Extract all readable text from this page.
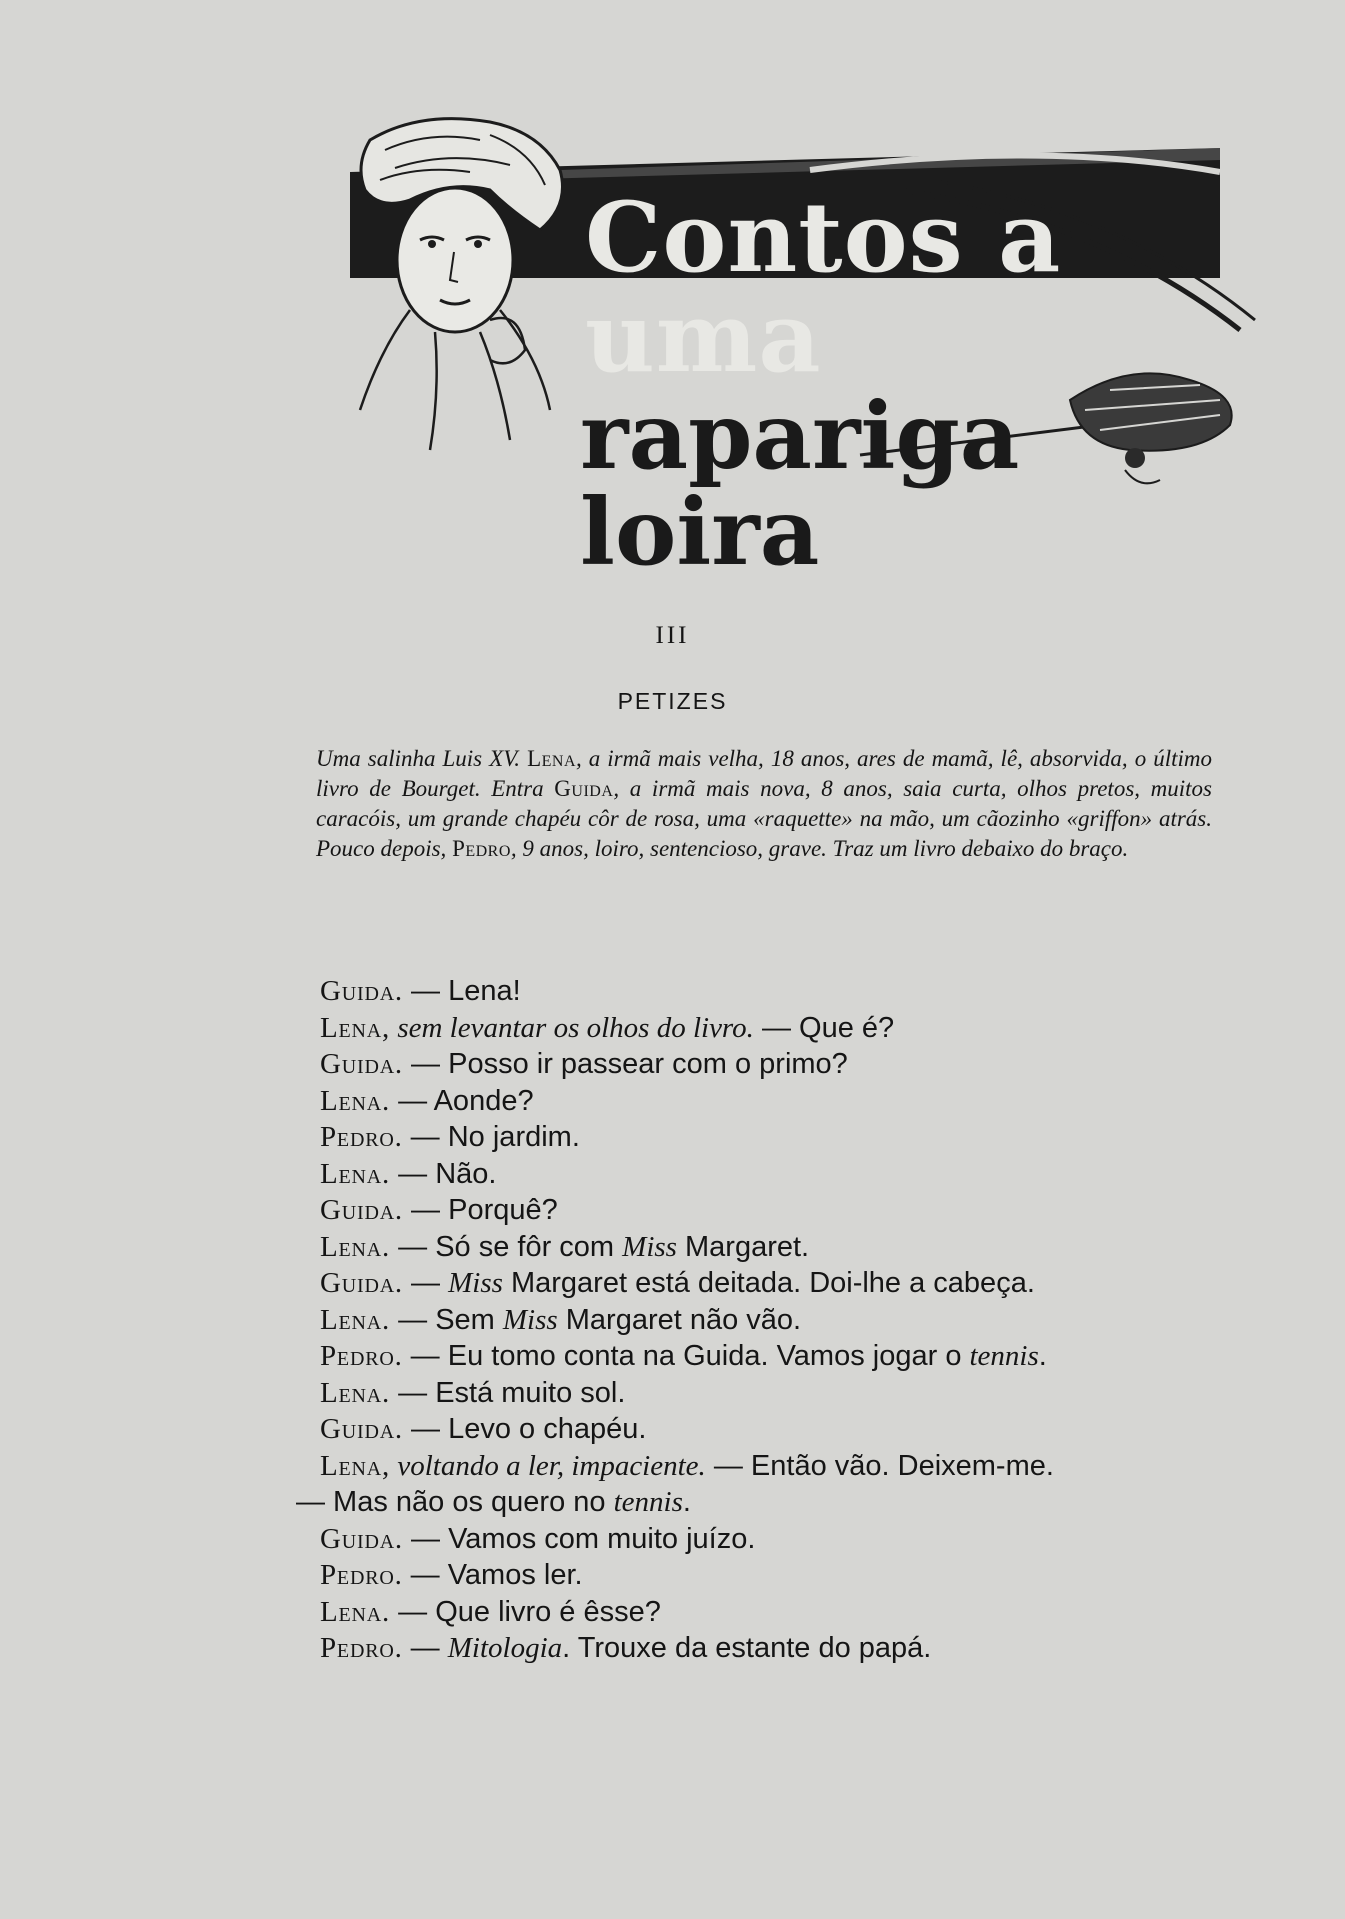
Contos a uma
rapariga loira
III
PETIZES
Uma salinha Luis XV. Lena, a irmã mais velha, 18 anos, ares de mamã, lê, absorvida, o último livro de Bourget. Entra Guida, a irmã mais nova, 8 anos, saia curta, olhos pretos, muitos caracóis, um grande chapéu côr de rosa, uma «raquette» na mão, um cãozinho «griffon» atrás. Pouco depois, Pedro, 9 anos, loiro, sentencioso, grave. Traz um livro debaixo do braço.
Guida. — Lena!
Lena, sem levantar os olhos do livro. — Que é?
Guida. — Posso ir passear com o primo?
Lena. — Aonde?
Pedro. — No jardim.
Lena. — Não.
Guida. — Porquê?
Lena. — Só se fôr com Miss Margaret.
Guida. — Miss Margaret está deitada. Doi-lhe a cabeça.
Lena. — Sem Miss Margaret não vão.
Pedro. — Eu tomo conta na Guida. Vamos jogar o tennis.
Lena. — Está muito sol.
Guida. — Levo o chapéu.
Lena, voltando a ler, impaciente. — Então vão. Deixem-me.
— Mas não os quero no tennis.
Guida. — Vamos com muito juízo.
Pedro. — Vamos ler.
Lena. — Que livro é êsse?
Pedro. — Mitologia. Trouxe da estante do papá.
